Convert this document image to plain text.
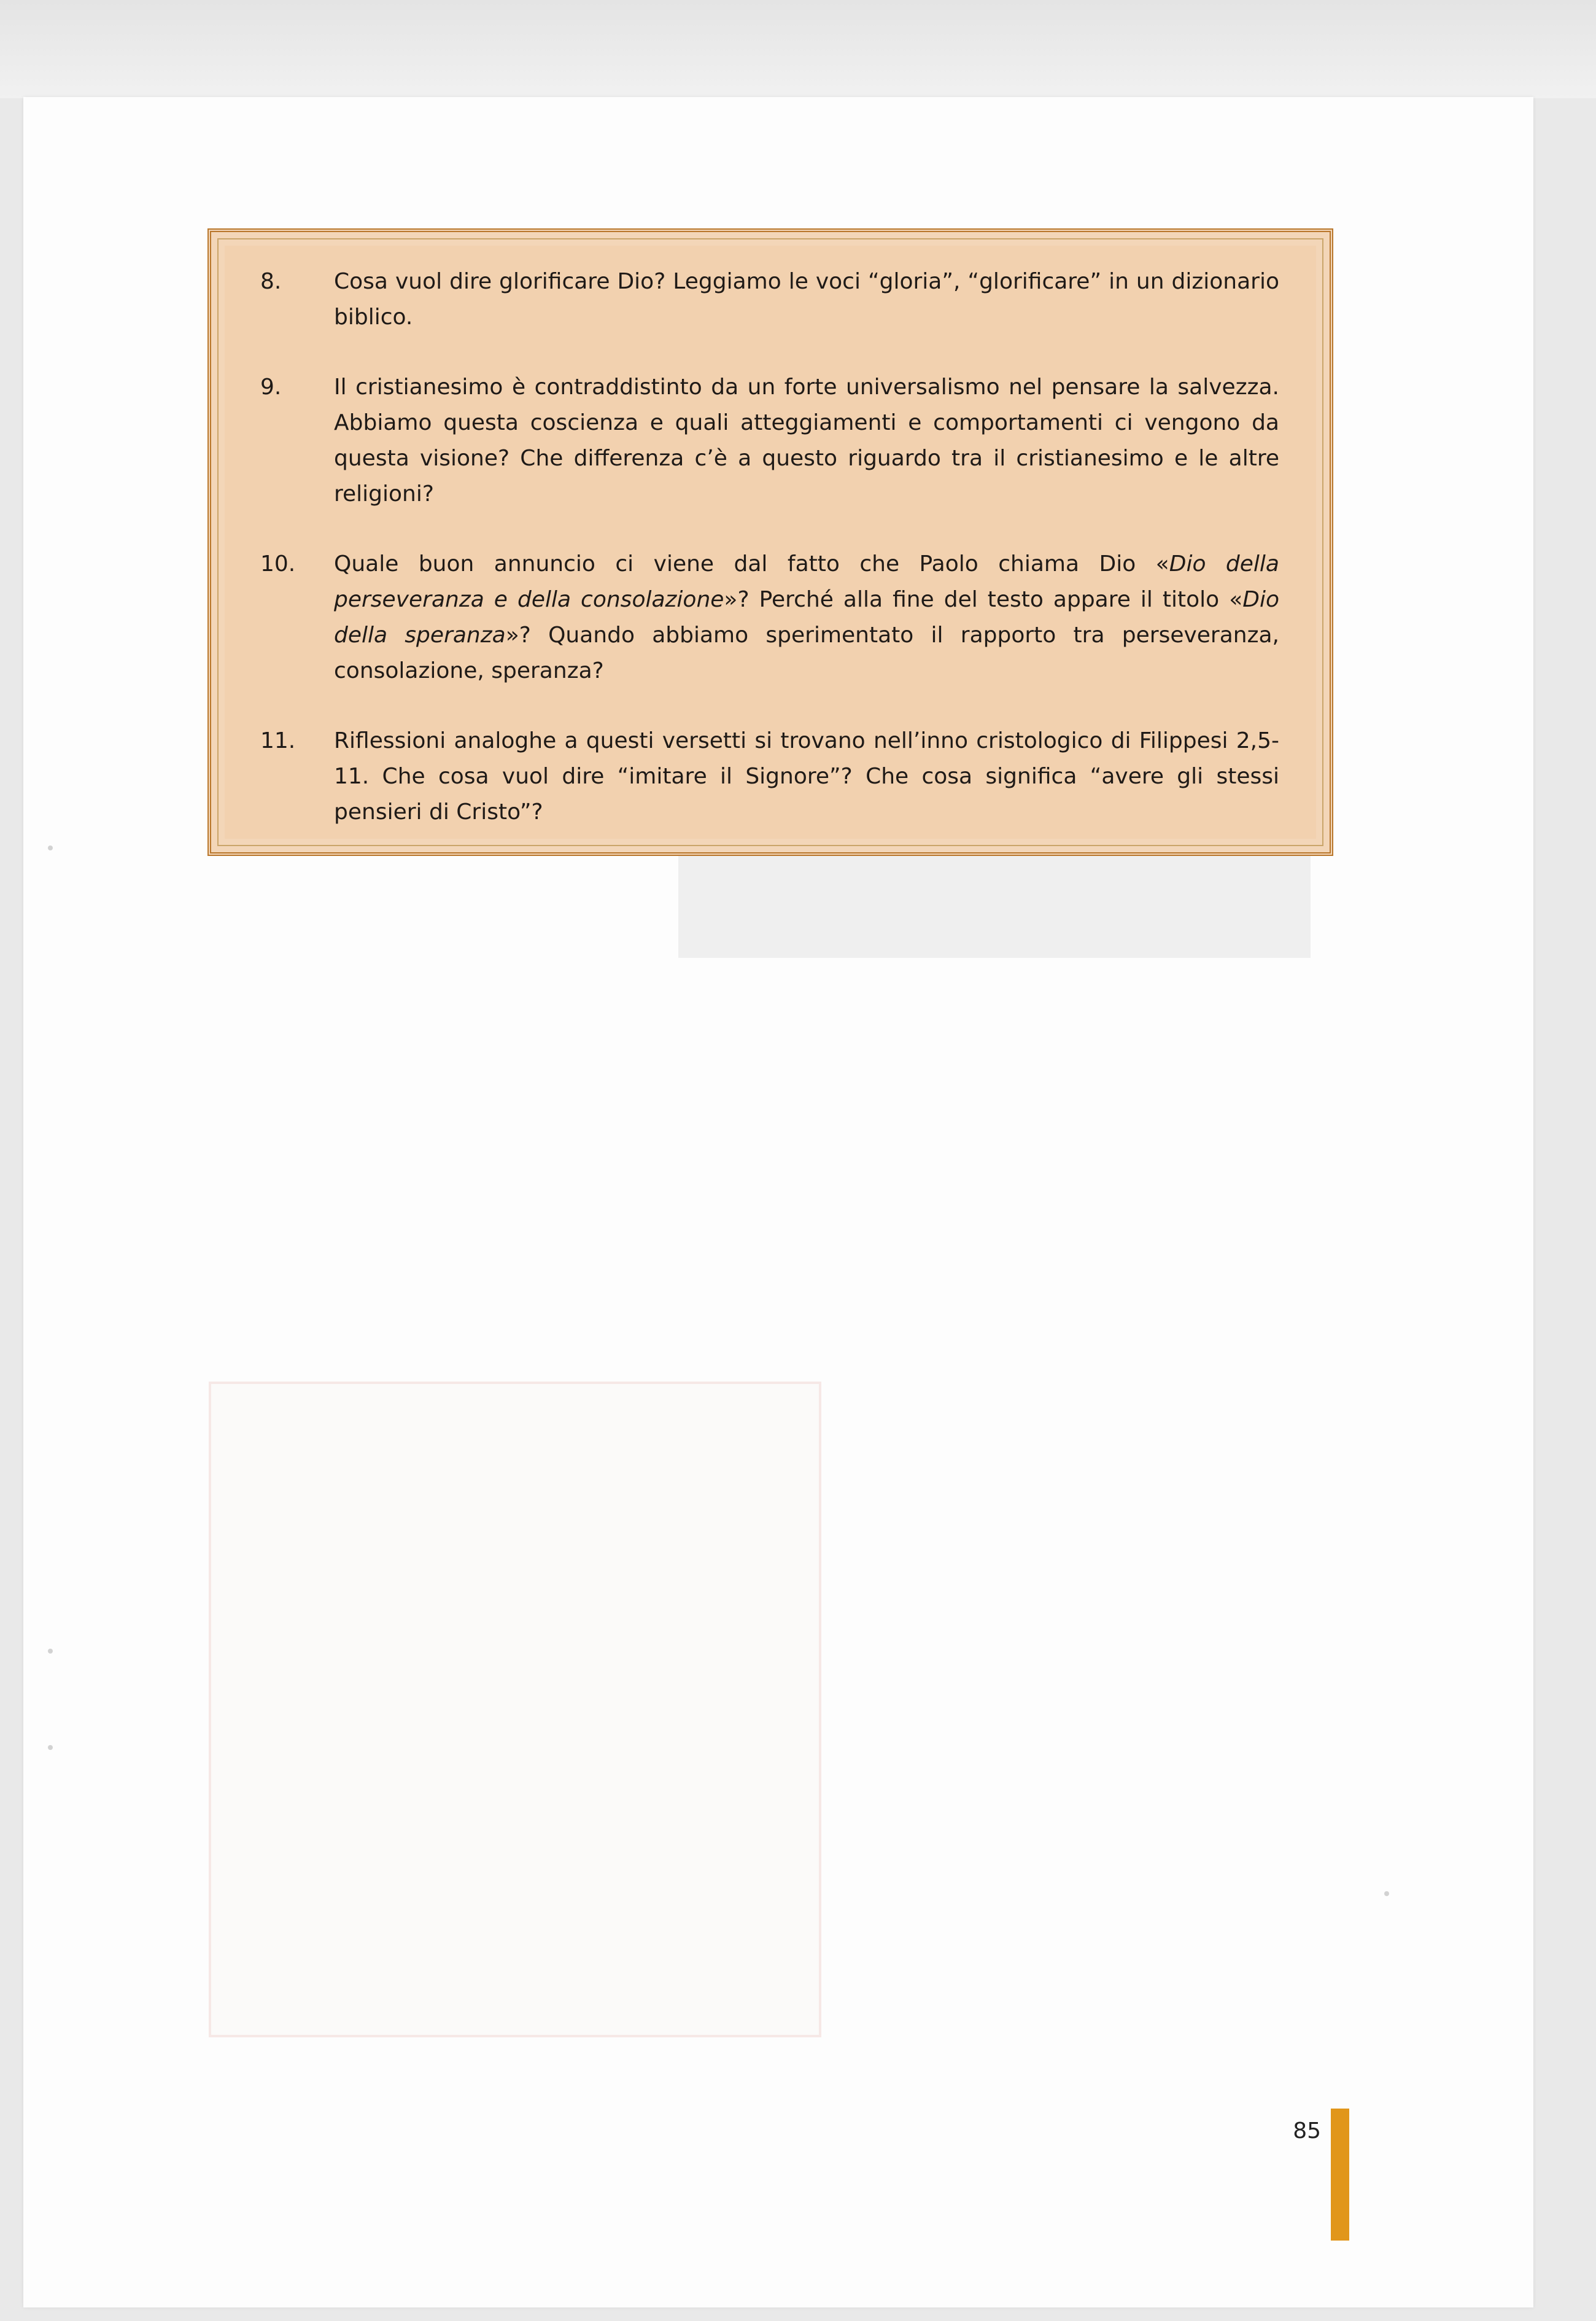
8.	Cosa vuol dire glorificare Dio? Leggiamo le voci “gloria”, “glorificare” in un dizionario biblico.
9.	Il cristianesimo è contraddistinto da un forte universalismo nel pensare la salvezza. Abbiamo questa coscienza e quali atteggiamenti e comportamenti ci vengono da questa visione? Che differenza c’è a questo riguardo tra il cristianesimo e le altre religioni?
10.	Quale buon annuncio ci viene dal fatto che Paolo chiama Dio «Dio della perseveranza e della consolazione»? Perché alla fine del testo appare il titolo «Dio della speranza»? Quando abbiamo sperimentato il rapporto tra perseveranza, consolazione, speranza?
11.	Riflessioni analoghe a questi versetti si trovano nell’inno cristologico di Filippesi 2,5-11. Che cosa vuol dire “imitare il Signore”? Che cosa significa “avere gli stessi pensieri di Cristo”?
85
